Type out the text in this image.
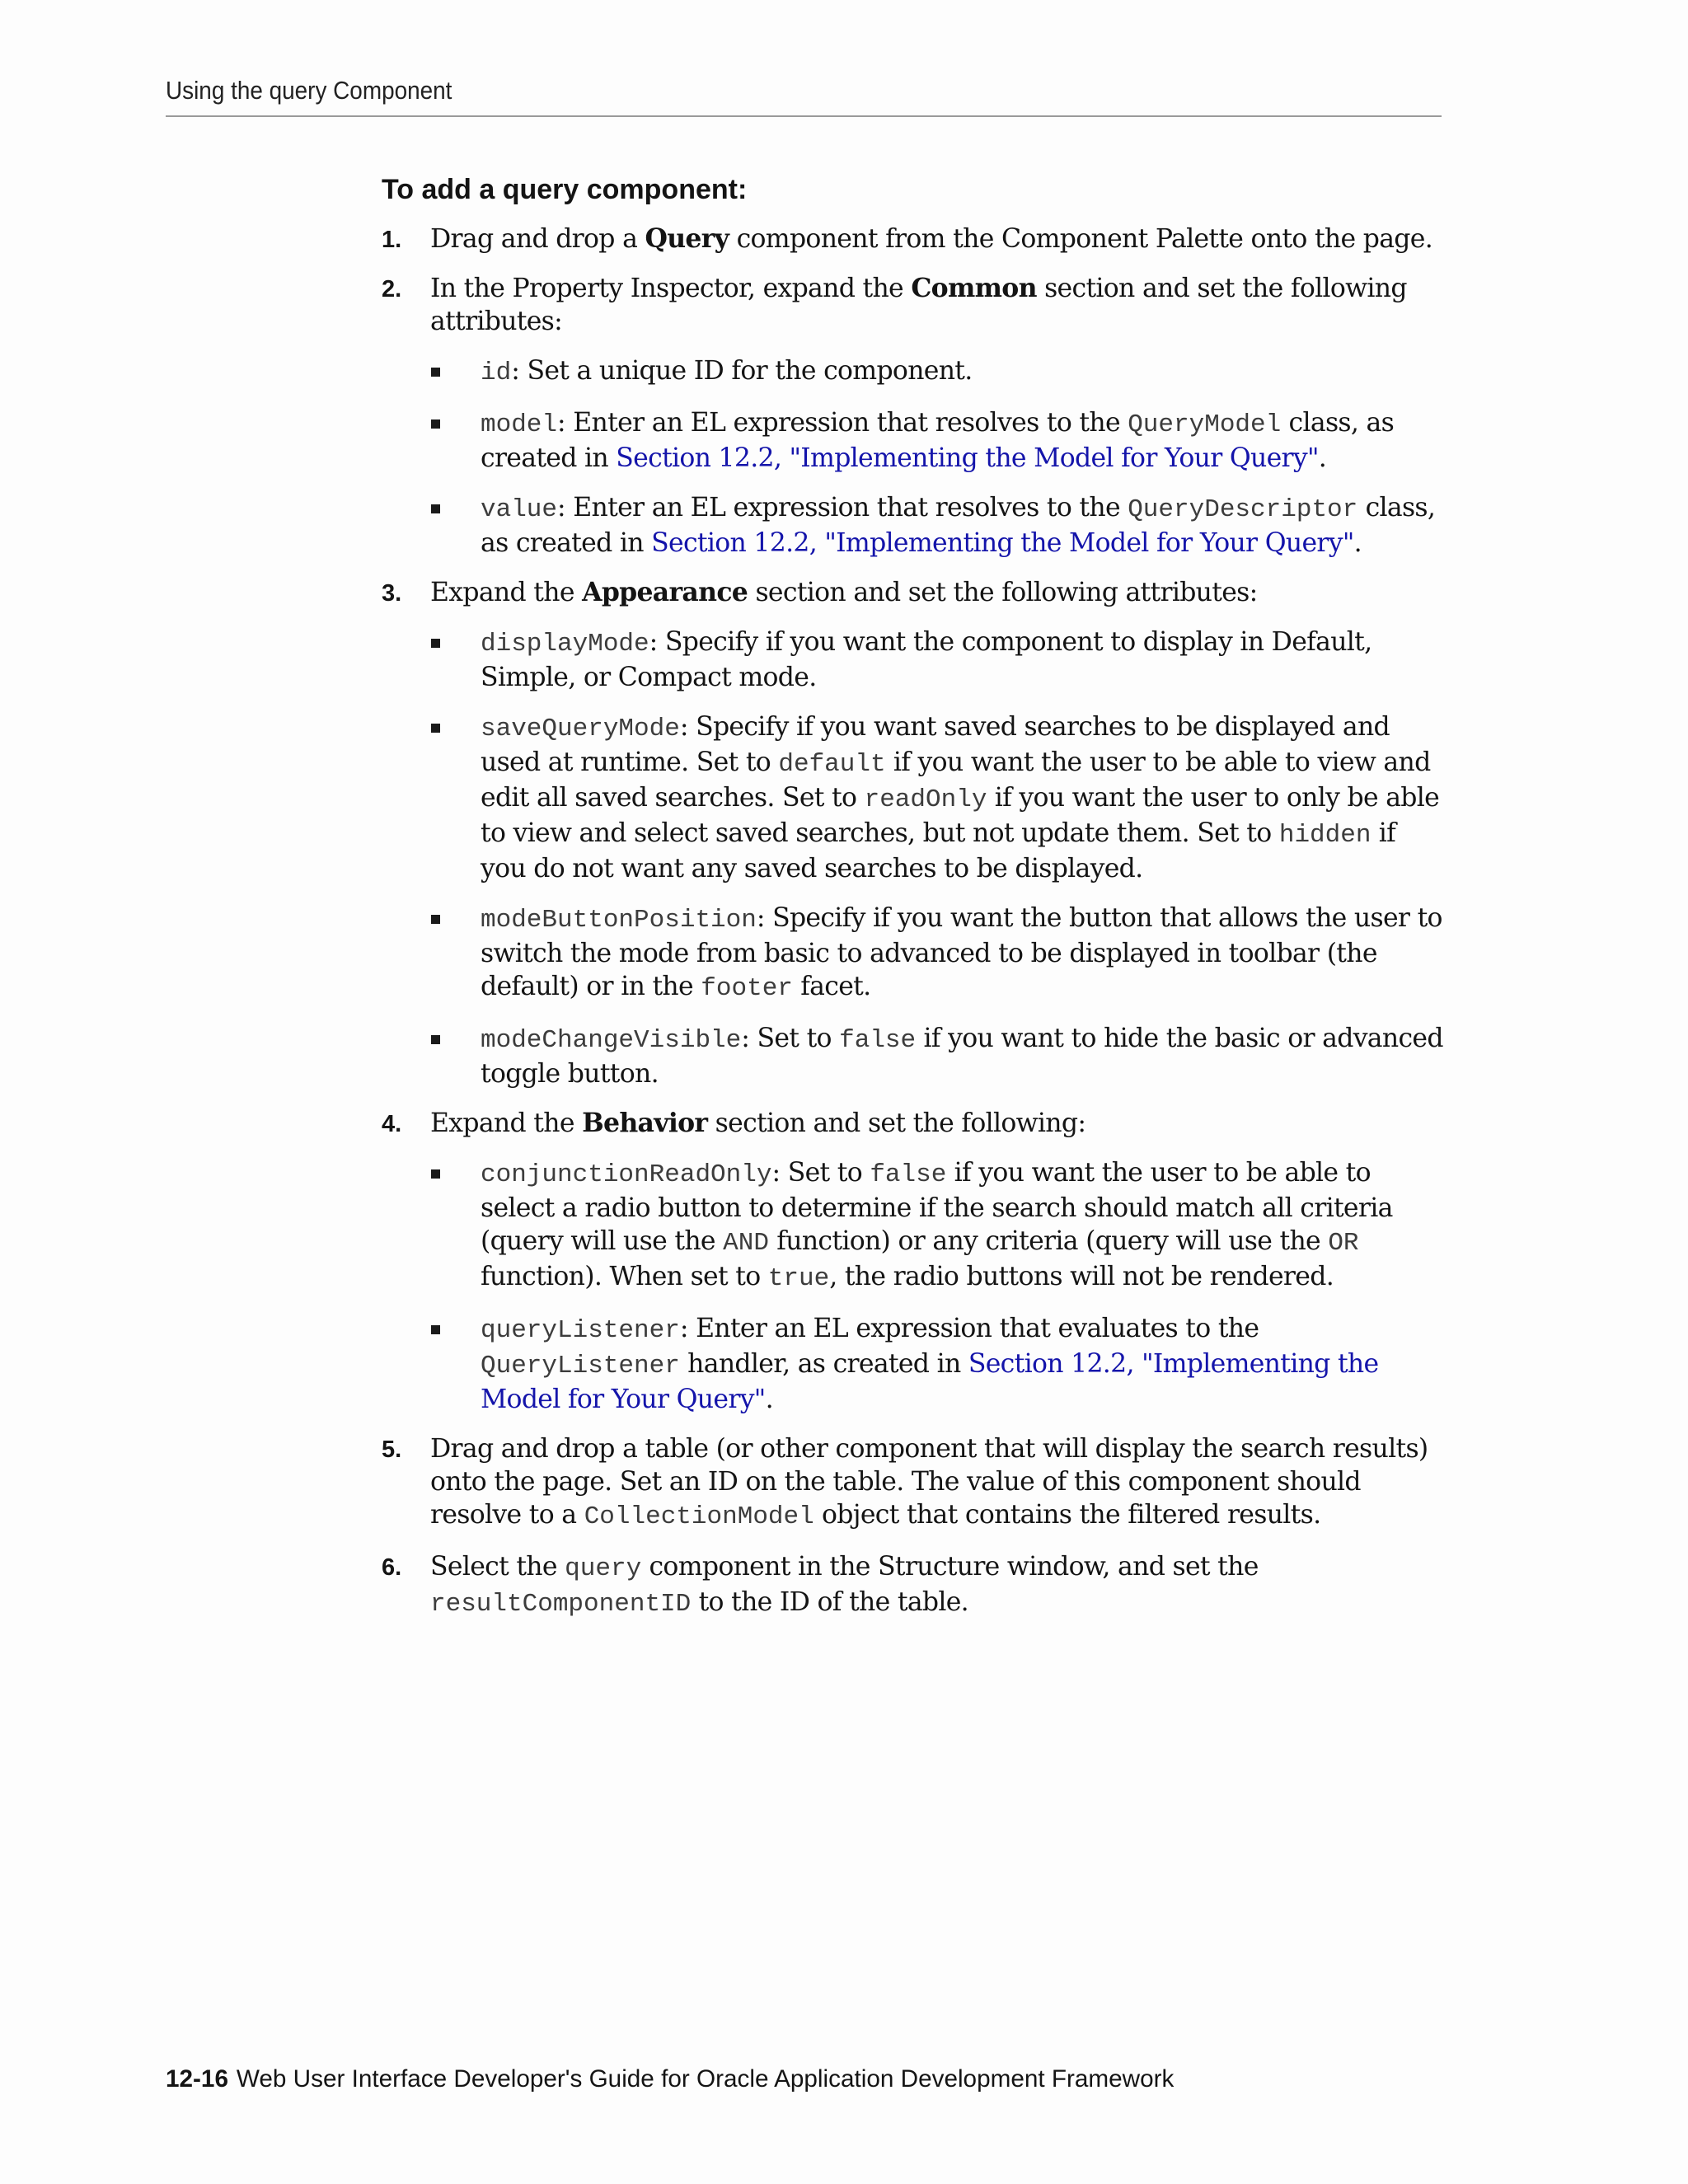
Using the query Component
To add a query component:
1. Drag and drop a Query component from the Component Palette onto the page.

2. In the Property Inspector, expand the Common section and set the following attributes:

id: Set a unique ID for the component.

model: Enter an EL expression that resolves to the QueryModel class, as created in Section 12.2, "Implementing the Model for Your Query".

value: Enter an EL expression that resolves to the QueryDescriptor class, as created in Section 12.2, "Implementing the Model for Your Query".

3. Expand the Appearance section and set the following attributes:

displayMode: Specify if you want the component to display in Default, Simple, or Compact mode.

saveQueryMode: Specify if you want saved searches to be displayed and used at runtime. Set to default if you want the user to be able to view and edit all saved searches. Set to readOnly if you want the user to only be able to view and select saved searches, but not update them. Set to hidden if you do not want any saved searches to be displayed.

modeButtonPosition: Specify if you want the button that allows the user to switch the mode from basic to advanced to be displayed in toolbar (the default) or in the footer facet.

modeChangeVisible: Set to false if you want to hide the basic or advanced toggle button.

4. Expand the Behavior section and set the following:

conjunctionReadOnly: Set to false if you want the user to be able to select a radio button to determine if the search should match all criteria (query will use the AND function) or any criteria (query will use the OR function). When set to true, the radio buttons will not be rendered.

queryListener: Enter an EL expression that evaluates to the QueryListener handler, as created in Section 12.2, "Implementing the Model for Your Query".

5. Drag and drop a table (or other component that will display the search results) onto the page. Set an ID on the table. The value of this component should resolve to a CollectionModel object that contains the filtered results.

6. Select the query component in the Structure window, and set the resultComponentID to the ID of the table.

12-16 Web User Interface Developer's Guide for Oracle Application Development Framework
